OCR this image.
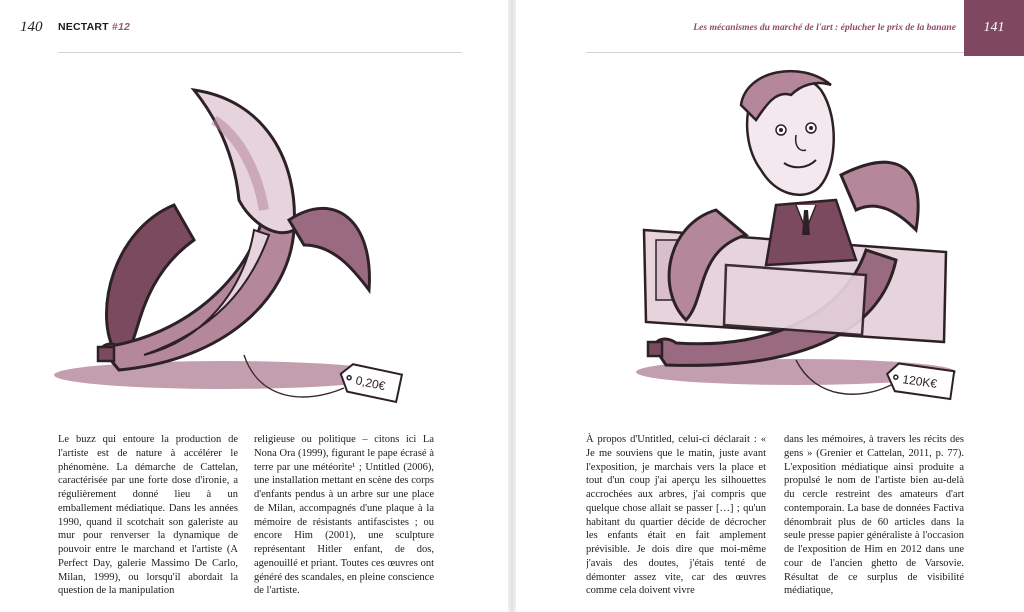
140 NECTART #12
0,20€

Le buzz qui entoure la production de l'artiste est de nature à accélérer le phénomène. La démarche de Cattelan, caractérisée par une forte dose d'ironie, a régulièrement donné lieu à un emballement médiatique. Dans les années 1990, quand il scotchait son galeriste au mur pour renverser la dynamique de pouvoir entre le marchand et l'artiste (A Perfect Day, galerie Massimo De Carlo, Milan, 1999), ou lorsqu'il abordait la question de la manipulation

religieuse ou politique – citons ici La Nona Ora (1999), figurant le pape écrasé à terre par une météorite¹ ; Untitled (2006), une installation mettant en scène des corps d'enfants pendus à un arbre sur une place de Milan, accompagnés d'une plaque à la mémoire de résistants antifascistes ; ou encore Him (2001), une sculpture représentant Hitler enfant, de dos, agenouillé et priant. Toutes ces œuvres ont généré des scandales, en pleine conscience de l'artiste.

Les mécanismes du marché de l'art : éplucher le prix de la banane 141
120K€

À propos d'Untitled, celui-ci déclarait : « Je me souviens que le matin, juste avant l'exposition, je marchais vers la place et tout d'un coup j'ai aperçu les silhouettes accrochées aux arbres, j'ai compris que quelque chose allait se passer […] ; qu'un habitant du quartier décide de décrocher les enfants était en fait amplement prévisible. Je dois dire que moi-même j'avais des doutes, j'étais tenté de démonter assez vite, car des œuvres comme cela doivent vivre

dans les mémoires, à travers les récits des gens » (Grenier et Cattelan, 2011, p. 77). L'exposition médiatique ainsi produite a propulsé le nom de l'artiste bien au-delà du cercle restreint des amateurs d'art contemporain. La base de données Factiva dénombrait plus de 60 articles dans la seule presse papier généraliste à l'occasion de l'exposition de Him en 2012 dans une cour de l'ancien ghetto de Varsovie. Résultat de ce surplus de visibilité médiatique,
